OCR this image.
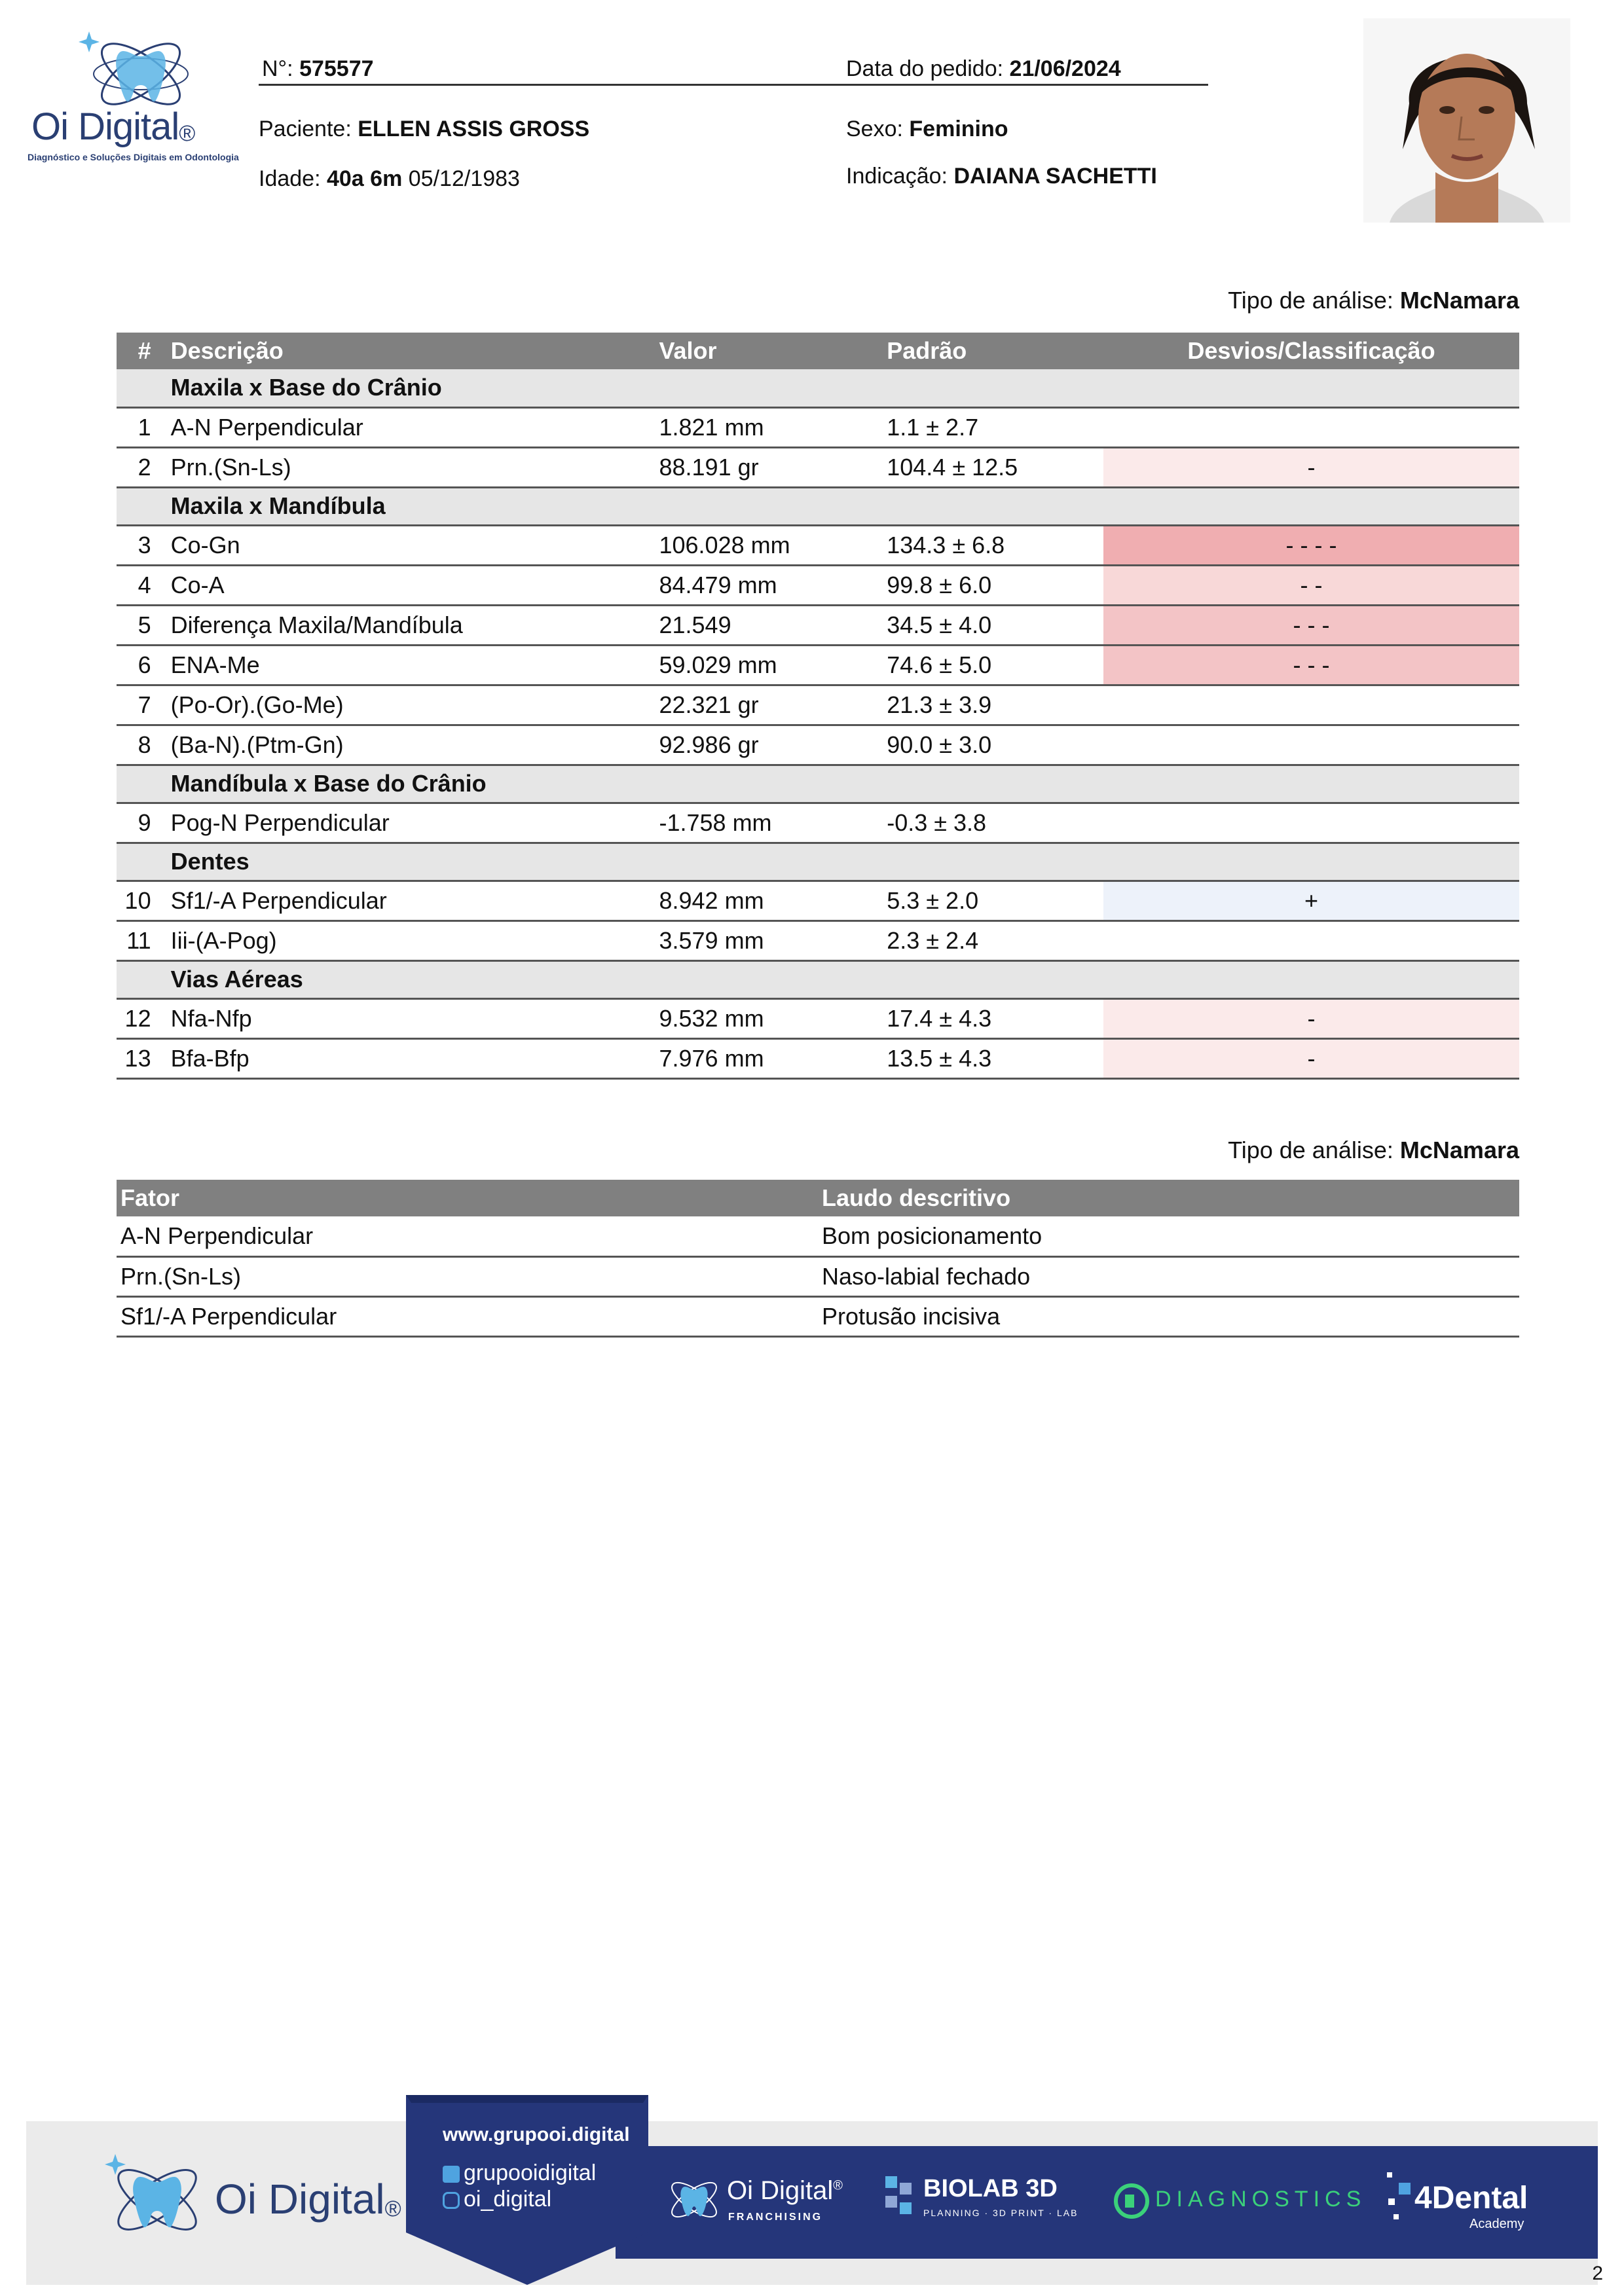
Oi Digital®
Diagnóstico e Soluções Digitais em Odontologia
N°: 575577	Data do pedido: 21/06/2024
Paciente: ELLEN ASSIS GROSS	Sexo: Feminino
Idade: 40a 6m 05/12/1983	Indicação: DAIANA SACHETTI
Tipo de análise: McNamara
#	Descrição	Valor	Padrão	Desvios/Classificação
	Maxila x Base do Crânio			
1	A-N Perpendicular	1.821 mm	1.1 ± 2.7	
2	Prn.(Sn-Ls)	88.191 gr	104.4 ± 12.5	-
	Maxila x Mandíbula			
3	Co-Gn	106.028 mm	134.3 ± 6.8	- - - -
4	Co-A	84.479 mm	99.8 ± 6.0	- -
5	Diferença Maxila/Mandíbula	21.549	34.5 ± 4.0	- - -
6	ENA-Me	59.029 mm	74.6 ± 5.0	- - -
7	(Po-Or).(Go-Me)	22.321 gr	21.3 ± 3.9	
8	(Ba-N).(Ptm-Gn)	92.986 gr	90.0 ± 3.0	
	Mandíbula x Base do Crânio			
9	Pog-N Perpendicular	-1.758 mm	-0.3 ± 3.8	
	Dentes			
10	Sf1/-A Perpendicular	8.942 mm	5.3 ± 2.0	+
11	Iii-(A-Pog)	3.579 mm	2.3 ± 2.4	
	Vias Aéreas			
12	Nfa-Nfp	9.532 mm	17.4 ± 4.3	-
13	Bfa-Bfp	7.976 mm	13.5 ± 4.3	-
Tipo de análise: McNamara
Fator	Laudo descritivo
A-N Perpendicular	Bom posicionamento
Prn.(Sn-Ls)	Naso-labial fechado
Sf1/-A Perpendicular	Protusão incisiva
Oi Digital®
www.grupooi.digital
grupooidigital
oi_digital	Oi Digital®
FRANCHISING
BIOLAB 3D
PLANNING · 3D PRINT · LAB
DIAGNOSTICS 4Dental
Academy
2
